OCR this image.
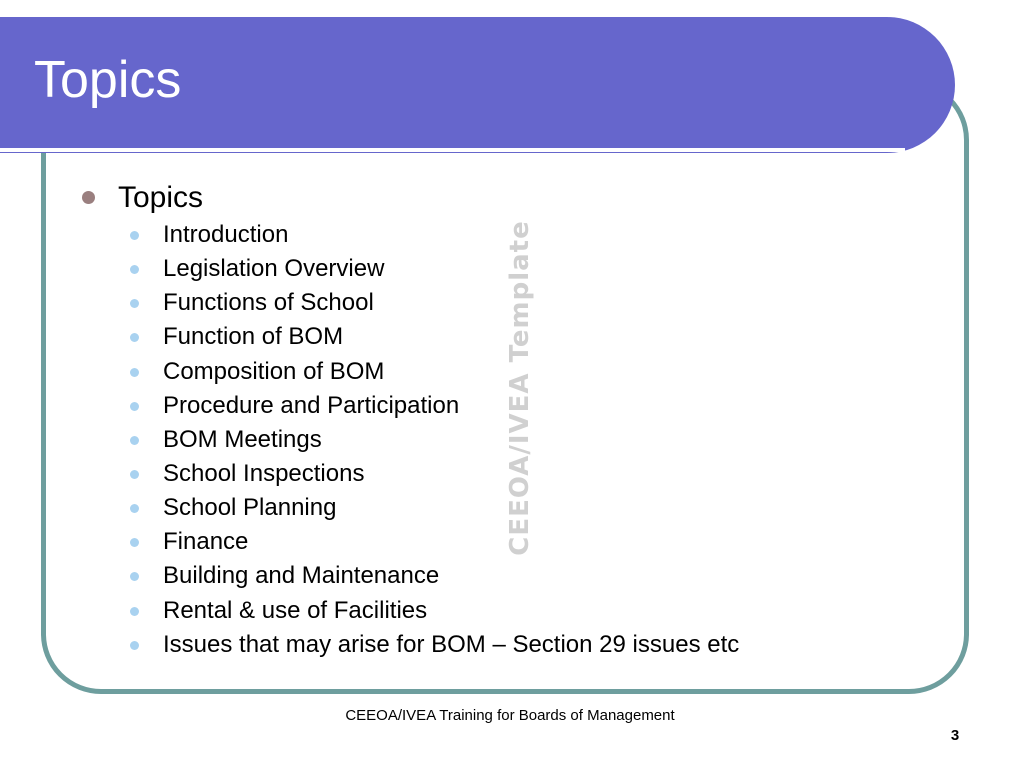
Topics
CEEOA/IVEA Template
Topics
Introduction
Legislation Overview
Functions of School
Function of BOM
Composition of BOM
Procedure and Participation
BOM Meetings
School Inspections
School Planning
Finance
Building and Maintenance
Rental & use of Facilities
Issues that may arise for BOM – Section 29 issues etc
CEEOA/IVEA Training for Boards of Management
3
